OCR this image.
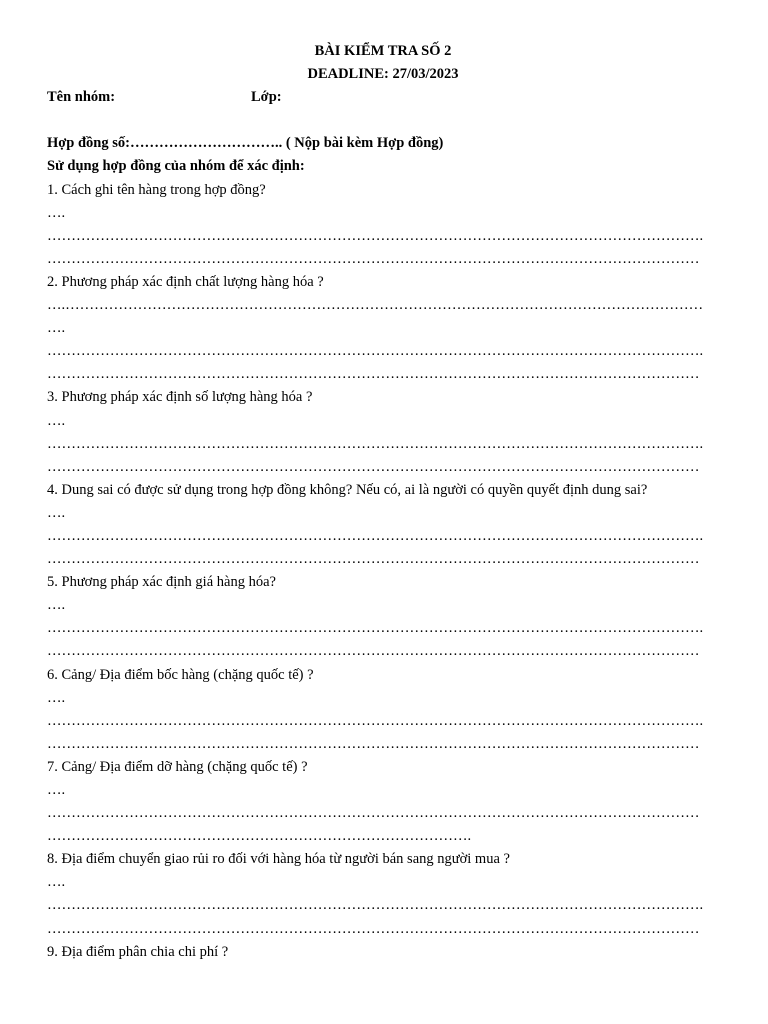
BÀI KIỂM TRA SỐ 2
DEADLINE: 27/03/2023
Tên nhóm:	Lớp:
Hợp đồng số:………………………….. ( Nộp bài kèm Hợp đồng)
Sử dụng hợp đồng của nhóm để xác định:
1. Cách ghi tên hàng trong hợp đồng?
….
……………………………………………………………………………………………………………………….
………………………………………………………………………………………………………………………
2. Phương pháp xác định chất lượng hàng hóa ?
….……………………………………………………………………………………………………………………
….
……………………………………………………………………………………………………………………….
………………………………………………………………………………………………………………………
3. Phương pháp xác định số lượng hàng hóa ?
….
……………………………………………………………………………………………………………………….
………………………………………………………………………………………………………………………
4. Dung sai có được sử dụng trong hợp đồng không? Nếu có, ai là người có quyền quyết định dung sai?
….
……………………………………………………………………………………………………………………….
………………………………………………………………………………………………………………………
5. Phương pháp xác định giá hàng hóa?
….
……………………………………………………………………………………………………………………….
………………………………………………………………………………………………………………………
6. Cảng/ Địa điểm bốc hàng (chặng quốc tế) ?
….
……………………………………………………………………………………………………………………….
………………………………………………………………………………………………………………………
7. Cảng/ Địa điểm dỡ hàng (chặng quốc tế) ?
….
………………………………………………………………………………………………………………………
…………………………………………………………………………….
8. Địa điểm chuyển giao rủi ro đối với hàng hóa từ người bán sang người mua ?
….
……………………………………………………………………………………………………………………….
………………………………………………………………………………………………………………………
9. Địa điểm phân chia chi phí ?
